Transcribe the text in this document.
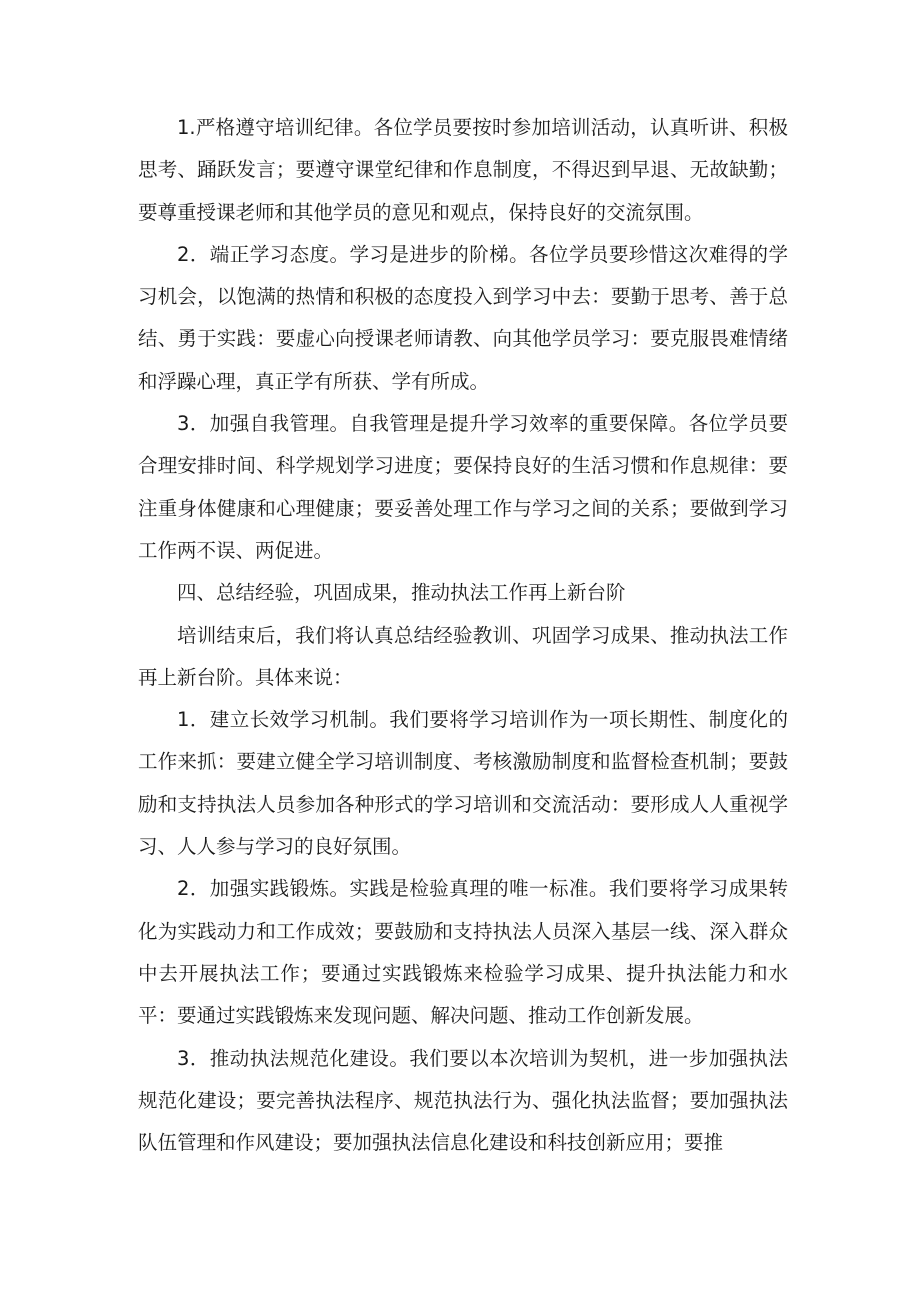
1.严格遵守培训纪律。各位学员要按时参加培训活动，认真听讲、积极思考、踊跃发言；要遵守课堂纪律和作息制度，不得迟到早退、无故缺勤；要尊重授课老师和其他学员的意见和观点，保持良好的交流氛围。

2．端正学习态度。学习是进步的阶梯。各位学员要珍惜这次难得的学习机会，以饱满的热情和积极的态度投入到学习中去：要勤于思考、善于总结、勇于实践：要虚心向授课老师请教、向其他学员学习：要克服畏难情绪和浮躁心理，真正学有所获、学有所成。

3．加强自我管理。自我管理是提升学习效率的重要保障。各位学员要合理安排时间、科学规划学习进度；要保持良好的生活习惯和作息规律：要注重身体健康和心理健康；要妥善处理工作与学习之间的关系；要做到学习工作两不误、两促进。

四、总结经验，巩固成果，推动执法工作再上新台阶

培训结束后，我们将认真总结经验教训、巩固学习成果、推动执法工作再上新台阶。具体来说：

1．建立长效学习机制。我们要将学习培训作为一项长期性、制度化的工作来抓：要建立健全学习培训制度、考核激励制度和监督检查机制；要鼓励和支持执法人员参加各种形式的学习培训和交流活动：要形成人人重视学习、人人参与学习的良好氛围。

2．加强实践锻炼。实践是检验真理的唯一标准。我们要将学习成果转化为实践动力和工作成效；要鼓励和支持执法人员深入基层一线、深入群众中去开展执法工作；要通过实践锻炼来检验学习成果、提升执法能力和水平：要通过实践锻炼来发现问题、解决问题、推动工作创新发展。

3．推动执法规范化建设。我们要以本次培训为契机，进一步加强执法规范化建设；要完善执法程序、规范执法行为、强化执法监督；要加强执法队伍管理和作风建设；要加强执法信息化建设和科技创新应用；要推
